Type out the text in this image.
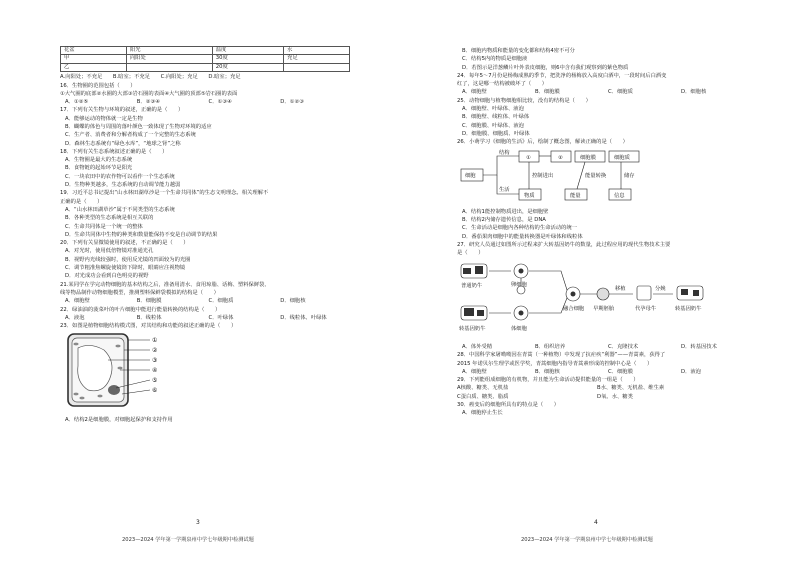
花盆	阳光	温度	水
甲	向阳处	30度	充足
乙		20度	

A.向阳处；不充足　　B.暗室；不充足　　C.向阳处；充足　　D.暗室；充足

16．生物圈的范围包括（　　）

①大气圈的底部②水圈的大部③岩石圈的表面④大气圈的顶部⑤岩石圈的表面

A．①②⑤	B．②③④	C．①③④	D．①②③

17．下列有关生物与环境的叙述，正确的是（　　）

A．能够运动的物体就一定是生物

B．蝴蝶的体色与周围的落叶颜色一致体现了生物对环境的适应

C．生产者、消费者和分解者构成了一个完整的生态系统

D．森林生态系统有“绿色水库”，“地球之肾”之称

18．下列有关生态系统叙述正确的是（　　）

A．生物圈是最大的生态系统

B．食物链的起始环节是阳光

C．一块农田中的农作物可以看作一个生态系统

D．生物种类越多，生态系统的自动调节能力越弱

19．习近平总书记提出“山水林田湖草沙是一个生命共同体”的生态文明理念。相关理解不

正确的是（　　）

A．“山水林田湖草沙”属于不同类型的生态系统

B．各种类型的生态系统是相互关联的

C．生命共同体是一个统一的整体

D．生命共同体中生物的种类和数量能保持不变是自动调节的结果

20．下列有关显微镜使用的叙述，不正确的是（　　）

A．对光时，使用低倍物镜对准通光孔

B．视野内光线较强时，使用反光镜的凹面较为的光圈

C．调节粗准焦螺旋使镜筒下降时，眼睛应注视物镜

D．对光成功会看到白色明亮的视野

21.某同学在学完动物细胞的基本结构之后，准备用清水、食用琼脂、话梅、塑料保鲜袋、

线等物品制作动物细胞模型，推测塑料保鲜袋模拟的结构是（　　）

A．细胞壁	B．细胞膜	C．细胞质	D．细胞核

22．绿油油的菠菜叶的叶片细胞中能进行能量转换的结构是（　　）

A．液泡	B．线粒体	C．叶绿体	D．线粒体、叶绿体

23．如图是植物细胞结构模式图，对其结构和功能的叙述正确的是（　　）

①
②
③
④
⑤
⑥

A．结构2是细胞膜，对细胞起保护和支持作用

3
2023—2024 学年第一学期泉州中学七年级期中检测试题

B．细胞内物质和能量的变化都和结构4密不可分

C．结构5内的物质是细胞液

D．若图示是洋葱鳞片叶外表皮细胞，则6中含有我们观察到的紫色物质

24．每年5～7月份是杨梅成熟的季节，把洗净的杨梅放入高度白酒中，一段时间后白酒变

红了，这是哪一结构被破坏了（　　）

A．细胞壁	B．细胞膜	C．细胞质	D．细胞核

25．动物细胞与植物细胞相比较，没有的结构是（　　）

A．细胞壁、叶绿体、液泡

B．细胞壁、线粒体、叶绿体

C．细胞膜、叶绿体、液泡

D．细胞膜、细胞质、叶绿体

26．小萌学习《细胞的生活》后，绘制了概念图，解读正确的是（　　）

细胞
结构
生活
①	②	细胞膜	细胞质
控制进出	能量转换	储存
物质	能量	信息

A．结构1能控制物质进出，是细胞壁

B．结构2内储存遗传信息，是 DNA

C．生命活动是细胞内各种结构的生命活动的统一

D．番茄果肉细胞中的能量转换器是叶绿体和线粒体

27．研究人员通过如图所示过程来扩大转基因奶牛的数量，此过程应用的现代生物技术主要

是（　　）

普通奶牛
转基因奶牛
卵细胞
体细胞
融合细胞 早期胚胎
移植	分娩
代孕母牛	转基因奶牛
A．体外受精	B．组织培养	C．克隆技术	D．转基因技术

28．中国科学家屠呦呦因在青蒿（一种植物）中发现了抗疟疾“利器”——青蒿素，获得了

2015 年诺贝尔生理学或医学奖，青蒿细胞内指导青蒿素形成的控制中心是（　　）

A．细胞壁	B．细胞核	C．细胞膜	D．液泡

29．下列能组成细胞的有机物，并且能为生命活动提供能量的一组是（　　）

A核酸、糖类、无机盐	B水、糖类、无机盐、维生素
C蛋白质、糖类、脂质	D氧、水、糖类

30．癌变后的细胞所具有的特点是（　　）

A．细胞停止生长

4
2023—2024 学年第一学期泉州中学七年级期中检测试题
